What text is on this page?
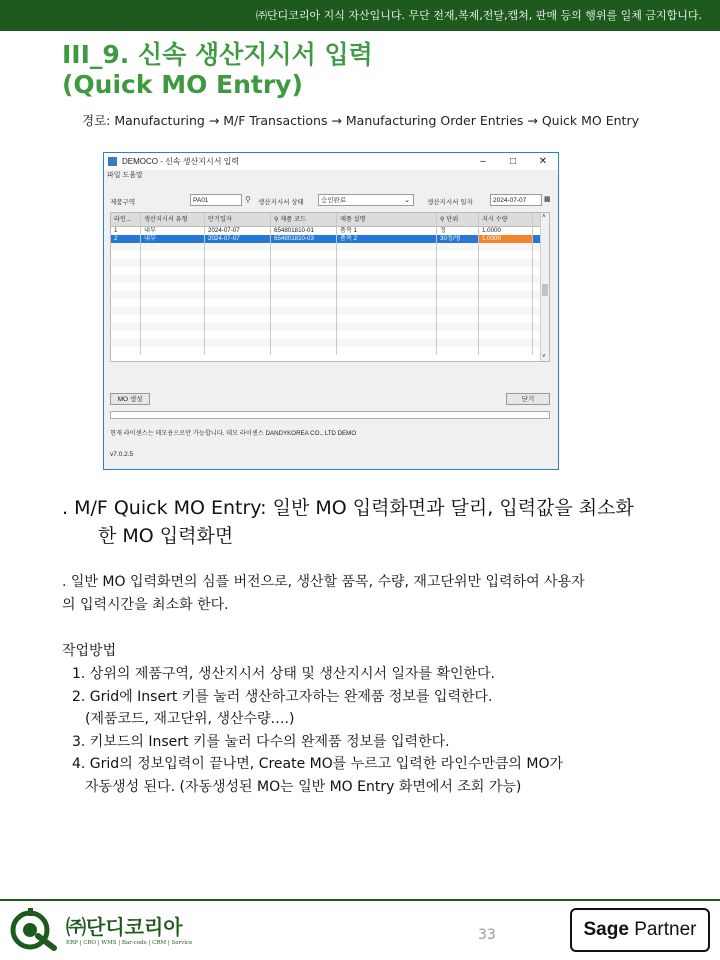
㈜단디코리아 지식 자산입니다. 무단 전재,복제,전달,캡쳐, 판매 등의 행위를 일체 금지합니다.
III_9. 신속 생산지시서 입력
(Quick MO Entry)
경로: Manufacturing → M/F Transactions → Manufacturing Order Entries → Quick MO Entry
DEMOCO - 신속 생산지시서 입력	–	□	✕
파일 도움말
제품구역	PA01	⚲ 생산지시서 상태	승인완료	⌄	생산지시서 일자	2024-07-07	▦
라인...	생산지시서 유형	만기일자	⚲ 제품 코드	제품 설명	⚲ 단위	지시 수량
1	내부	2024-07-07	654801810-01	품목 1	정	1.0000
2	내부	2024-07-07	654801810-03	품목 2	30정/병	1.0000
˄
˅
MO 생성	닫기
현재 라이센스는 데모용으로만 가능합니다. 데모 라이센스 DANDYKOREA CO., LTD DEMO
v7.0.2.5
. M/F Quick MO Entry: 일반 MO 입력화면과 달리, 입력값을 최소화
한 MO 입력화면
. 일반 MO 입력화면의 심플 버전으로, 생산할 품목, 수량, 재고단위만 입력하여 사용자
의 입력시간을 최소화 한다.
작업방법
1. 상위의 제품구역, 생산지시서 상태 및 생산지시서 일자를 확인한다.
2. Grid에 Insert 키를 눌러 생산하고자하는 완제품 정보를 입력한다.
(제품코드, 재고단위, 생산수량….)
3. 키보드의 Insert 키를 눌러 다수의 완제품 정보를 입력한다.
4. Grid의 정보입력이 끝나면, Create MO를 누르고 입력한 라인수만큼의 MO가
자동생성 된다. (자동생성된 MO는 일반 MO Entry 화면에서 조회 가능)
㈜단디코리아
ERP | CRO | WMS | Bar-code | CRM | Service	33	Sage Partner
